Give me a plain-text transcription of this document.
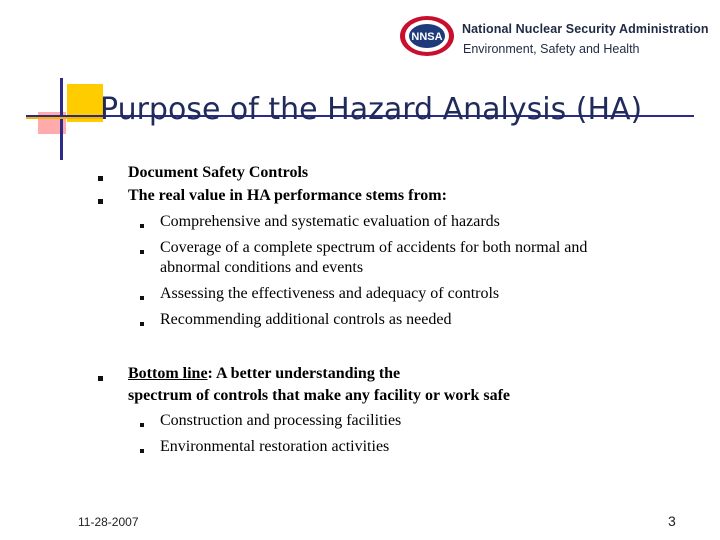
NNSA
National Nuclear Security Administration
Environment, Safety and Health
Purpose of the Hazard Analysis (HA)
Document Safety Controls
The real value in HA performance stems from:
Comprehensive and systematic evaluation of hazards
Coverage of a complete spectrum of accidents for both normal and
abnormal conditions and events
Assessing the effectiveness and adequacy of controls
Recommending additional controls as needed
Bottom line: A better understanding the
spectrum of controls that make any facility or work safe
Construction and processing facilities
Environmental restoration activities
11-28-2007	3
